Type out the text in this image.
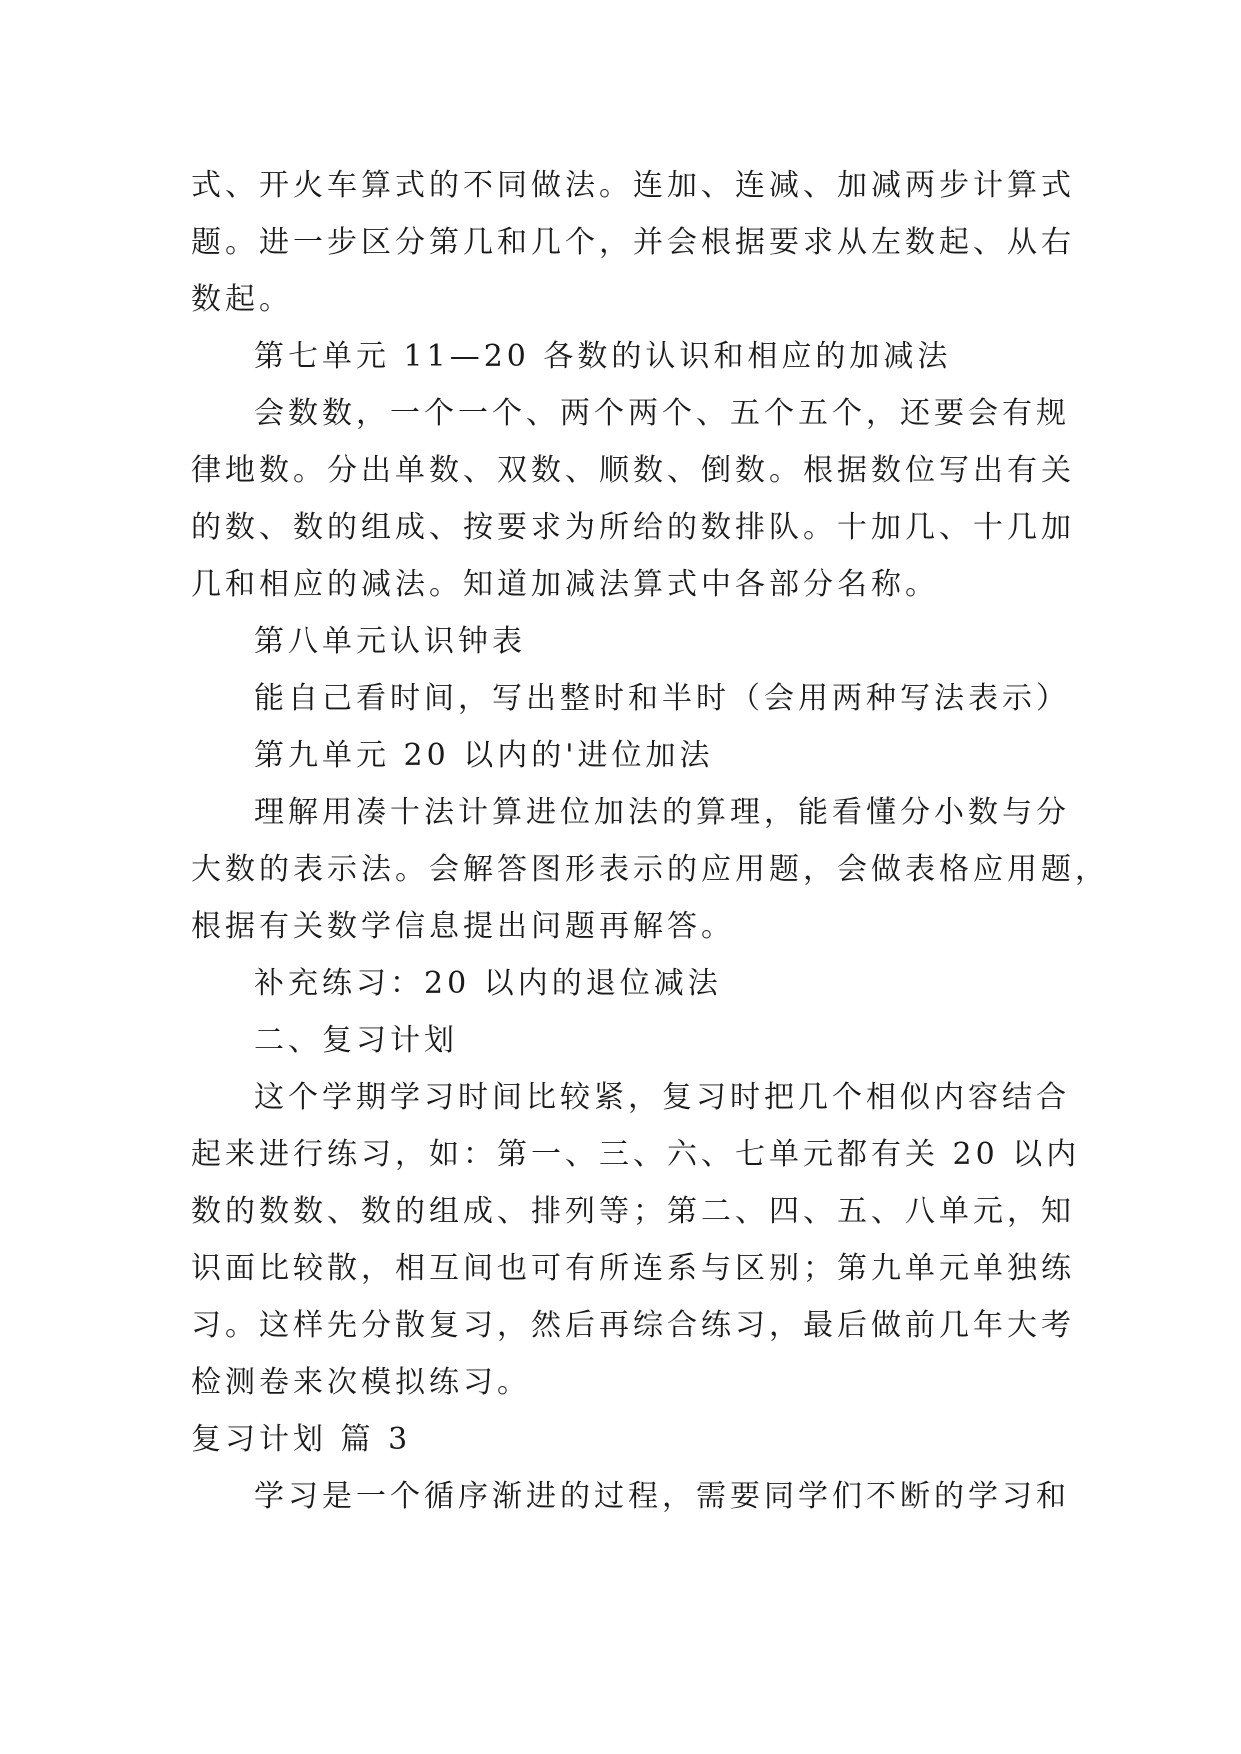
式、开火车算式的不同做法。连加、连减、加减两步计算式

题。进一步区分第几和几个，并会根据要求从左数起、从右

数起。

第七单元 11—20 各数的认识和相应的加减法

会数数，一个一个、两个两个、五个五个，还要会有规

律地数。分出单数、双数、顺数、倒数。根据数位写出有关

的数、数的组成、按要求为所给的数排队。十加几、十几加

几和相应的减法。知道加减法算式中各部分名称。

第八单元认识钟表

能自己看时间，写出整时和半时（会用两种写法表示）

第九单元 20 以内的'进位加法

理解用凑十法计算进位加法的算理，能看懂分小数与分

大数的表示法。会解答图形表示的应用题，会做表格应用题，

根据有关数学信息提出问题再解答。

补充练习：20 以内的退位减法

二、复习计划

这个学期学习时间比较紧，复习时把几个相似内容结合

起来进行练习，如：第一、三、六、七单元都有关 20 以内

数的数数、数的组成、排列等；第二、四、五、八单元，知

识面比较散，相互间也可有所连系与区别；第九单元单独练

习。这样先分散复习，然后再综合练习，最后做前几年大考

检测卷来次模拟练习。

复习计划 篇 3

学习是一个循序渐进的过程，需要同学们不断的学习和
